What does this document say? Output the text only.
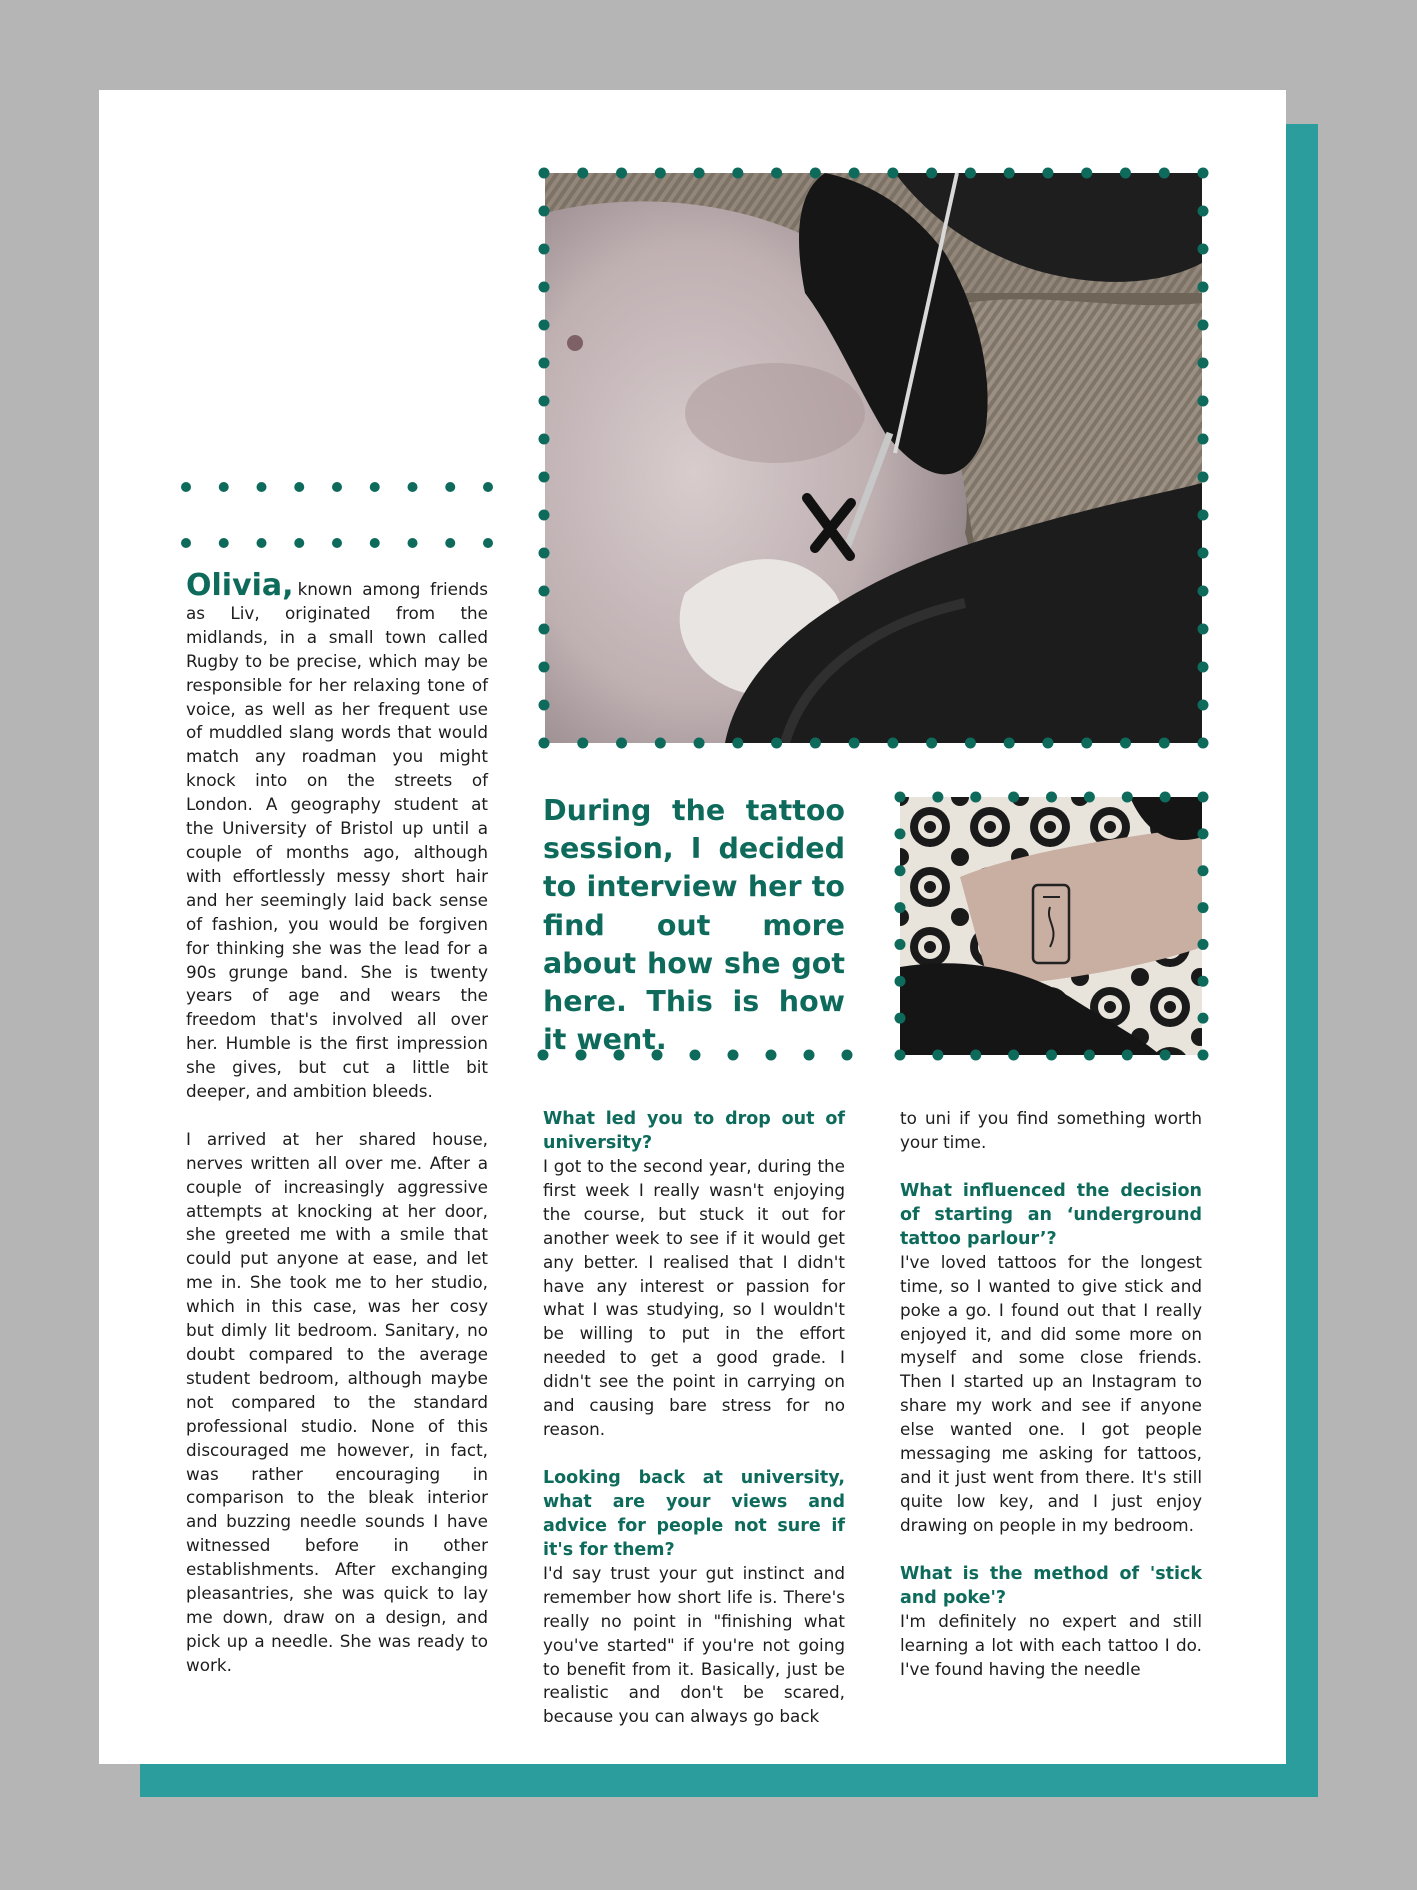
Olivia, known among friends as Liv, originated from the midlands, in a small town called Rugby to be precise, which may be responsible for her relaxing tone of voice, as well as her frequent use of muddled slang words that would match any roadman you might knock into on the streets of London. A geography student at the University of Bristol up until a couple of months ago, although with effortlessly messy short hair and her seemingly laid back sense of fashion, you would be forgiven for thinking she was the lead for a 90s grunge band. She is twenty years of age and wears the freedom that's involved all over her. Humble is the first impression she gives, but cut a little bit deeper, and ambition bleeds.

I arrived at her shared house, nerves written all over me. After a couple of increasingly aggressive attempts at knocking at her door, she greeted me with a smile that could put anyone at ease, and let me in. She took me to her studio, which in this case, was her cosy but dimly lit bedroom. Sanitary, no doubt compared to the average student bedroom, although maybe not compared to the standard professional studio. None of this discouraged me however, in fact, was rather encouraging in comparison to the bleak interior and buzzing needle sounds I have witnessed before in other establishments. After exchanging pleasantries, she was quick to lay me down, draw on a design, and pick up a needle. She was ready to work.

During the tattoo session, I decided to interview her to find out more about how she got here. This is how it went.

What led you to drop out of university?

I got to the second year, during the first week I really wasn't enjoying the course, but stuck it out for another week to see if it would get any better. I realised that I didn't have any interest or passion for what I was studying, so I wouldn't be willing to put in the effort needed to get a good grade. I didn't see the point in carrying on and causing bare stress for no reason.

Looking back at university, what are your views and advice for people not sure if it's for them?

I'd say trust your gut instinct and remember how short life is. There's really no point in "finishing what you've started" if you're not going to benefit from it. Basically, just be realistic and don't be scared, because you can always go back

to uni if you find something worth your time.

What influenced the decision of starting an ‘underground tattoo parlour’?

I've loved tattoos for the longest time, so I wanted to give stick and poke a go. I found out that I really enjoyed it, and did some more on myself and some close friends. Then I started up an Instagram to share my work and see if anyone else wanted one. I got people messaging me asking for tattoos, and it just went from there. It's still quite low key, and I just enjoy drawing on people in my bedroom.

What is the method of 'stick and poke'?

I'm definitely no expert and still learning a lot with each tattoo I do. I've found having the needle
